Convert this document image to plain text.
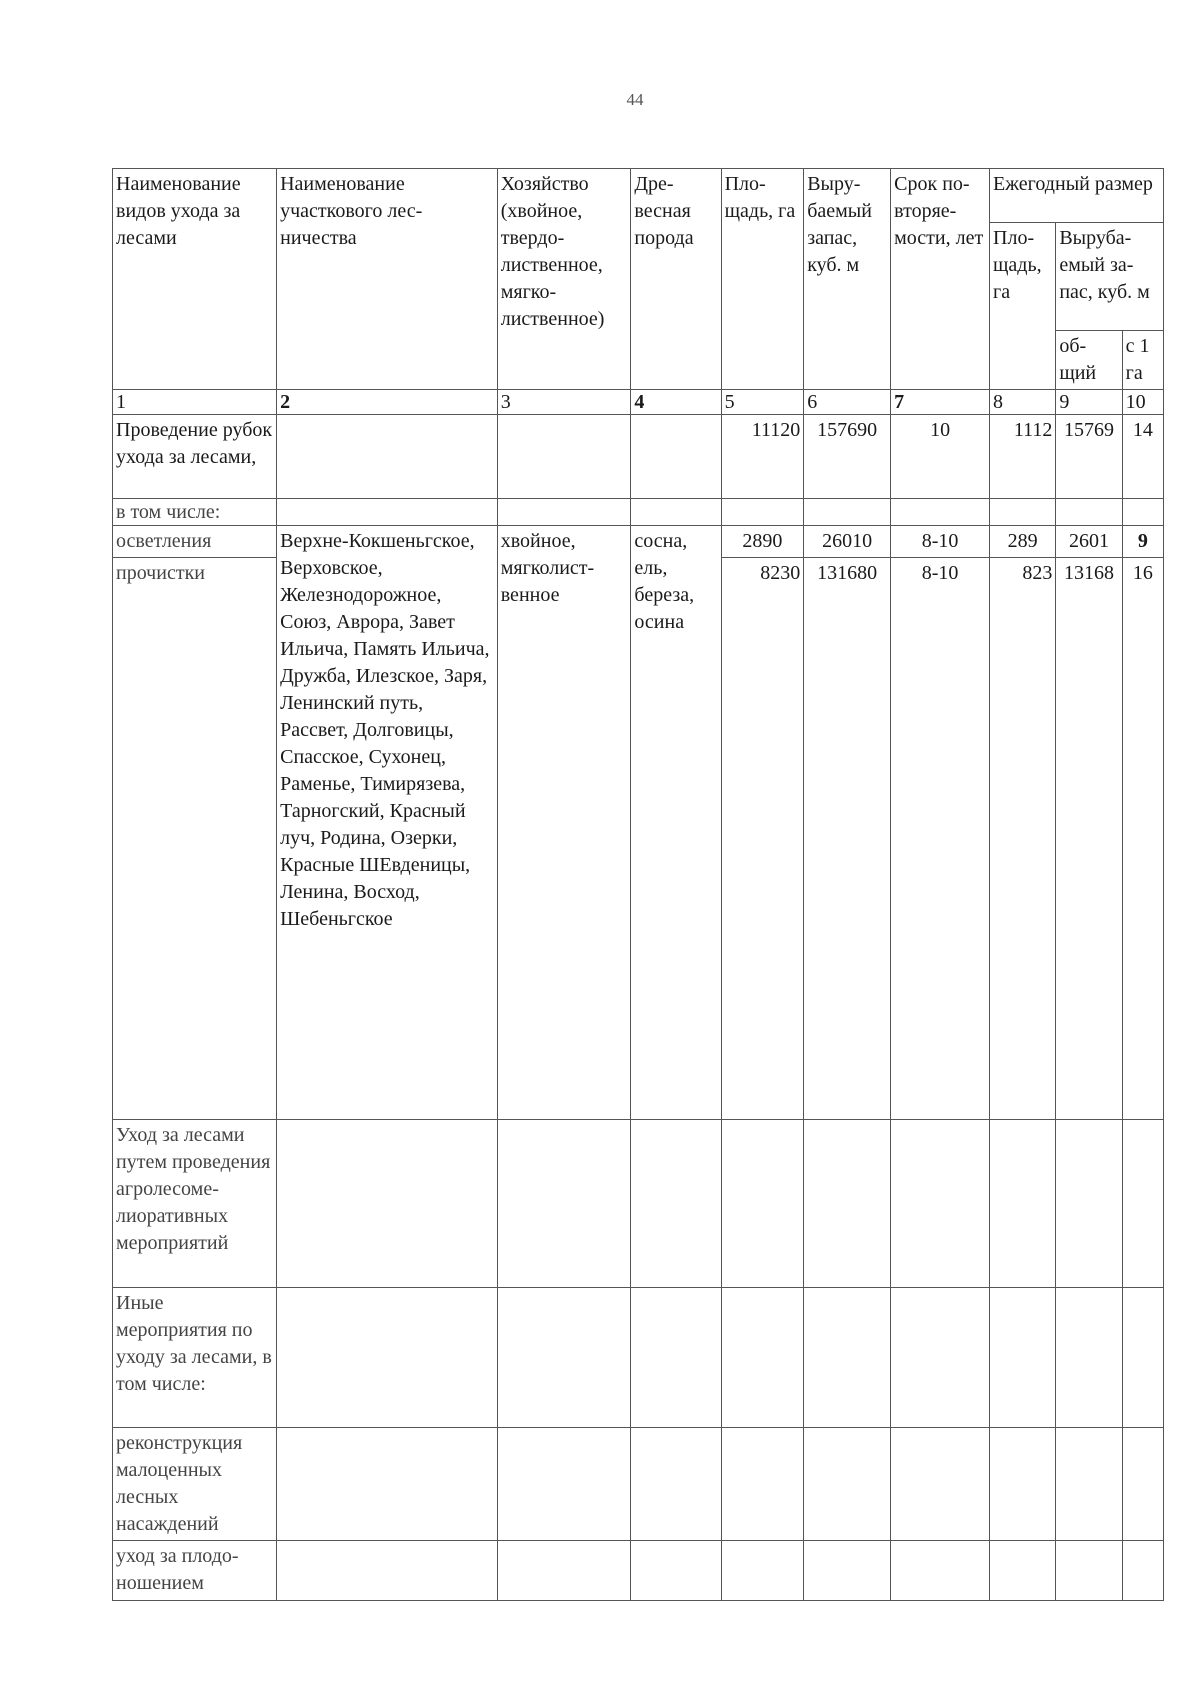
44
Наименование видов ухода за лесами	Наименование участкового лес-ничества	Хозяйство (хвойное, твердо-лиственное, мягко-лиственное)	Дре-весная порода	Пло-щадь, га	Выру-баемый запас, куб. м	Срок по-вторяе-мости, лет	Ежегодный размер		
							Пло-щадь, га	Выруба-емый за-пас, куб. м	
								об-щий	с 1 га
1	2	3	4	5	6	7	8	9	10
Проведение рубок ухода за лесами,				11120	157690	10	1112	15769	14
в том числе:									
осветления	Верхне-Кокшеньгское, Верховское, Железнодорожное, Союз, Аврора, Завет Ильича, Память Ильича, Дружба, Илезское, Заря, Ленинский путь, Рассвет, Долговицы, Спасское, Сухонец, Раменье, Тимирязева, Тарногский, Красный луч, Родина, Озерки, Красные ШЕвденицы, Ленина, Восход, Шебеньгское	хвойное, мягколист-венное	сосна, ель, береза, осина	2890	26010	8-10	289	2601	9
прочистки				8230	131680	8-10	823	13168	16
Уход за лесами путем проведения агролесоме-лиоративных мероприятий									
Иные мероприятия по уходу за лесами, в том числе:									
реконструкция малоценных лесных насаждений									
уход за плодо-ношением									
